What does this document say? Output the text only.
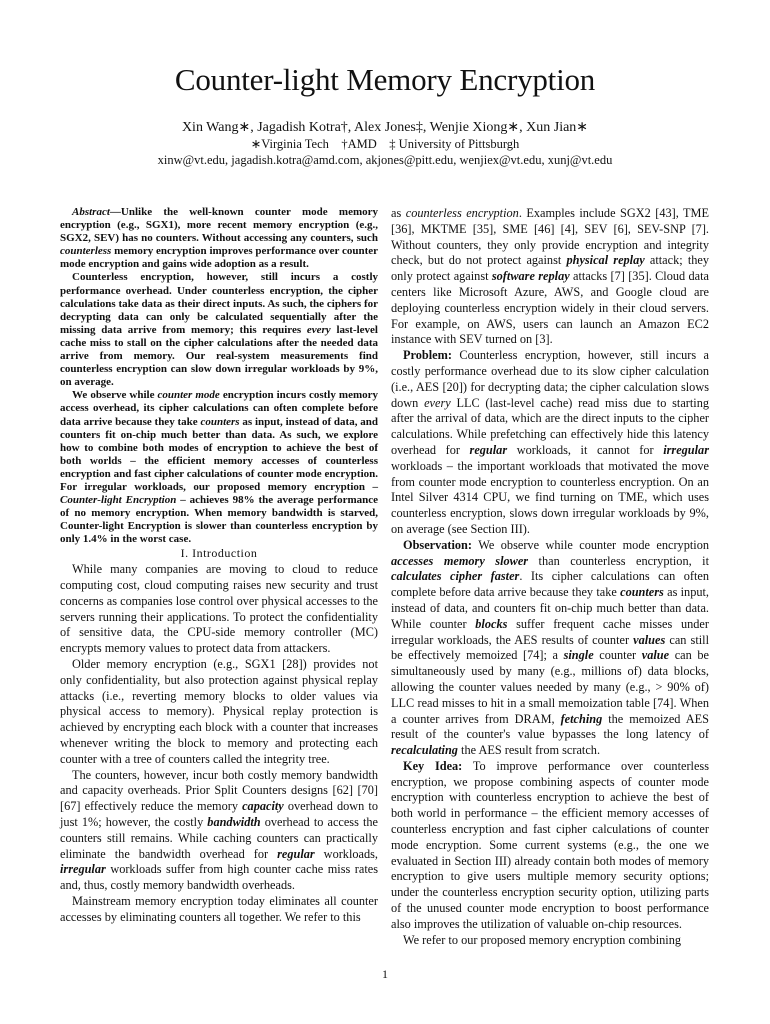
Counter-light Memory Encryption
Xin Wang∗, Jagadish Kotra†, Alex Jones‡, Wenjie Xiong∗, Xun Jian∗
∗Virginia Tech    †AMD    ‡ University of Pittsburgh
xinw@vt.edu, jagadish.kotra@amd.com, akjones@pitt.edu, wenjiex@vt.edu, xunj@vt.edu

Abstract—Unlike the well-known counter mode memory encryption (e.g., SGX1), more recent memory encryption (e.g., SGX2, SEV) has no counters. Without accessing any counters, such counterless memory encryption improves performance over counter mode encryption and gains wide adoption as a result.

Counterless encryption, however, still incurs a costly performance overhead. Under counterless encryption, the cipher calculations take data as their direct inputs. As such, the ciphers for decrypting data can only be calculated sequentially after the missing data arrive from memory; this requires every last-level cache miss to stall on the cipher calculations after the needed data arrive from memory. Our real-system measurements find counterless encryption can slow down irregular workloads by 9%, on average.

We observe while counter mode encryption incurs costly memory access overhead, its cipher calculations can often complete before data arrive because they take counters as input, instead of data, and counters fit on-chip much better than data. As such, we explore how to combine both modes of encryption to achieve the best of both worlds – the efficient memory accesses of counterless encryption and fast cipher calculations of counter mode encryption. For irregular workloads, our proposed memory encryption – Counter-light Encryption – achieves 98% the average performance of no memory encryption. When memory bandwidth is starved, Counter-light Encryption is slower than counterless encryption by only 1.4% in the worst case.

I. Introduction

While many companies are moving to cloud to reduce computing cost, cloud computing raises new security and trust concerns as companies lose control over physical accesses to the servers running their applications. To protect the confidentiality of sensitive data, the CPU-side memory controller (MC) encrypts memory values to protect data from attackers.

Older memory encryption (e.g., SGX1 [28]) provides not only confidentiality, but also protection against physical replay attacks (i.e., reverting memory blocks to older values via physical access to memory). Physical replay protection is achieved by encrypting each block with a counter that increases whenever writing the block to memory and protecting each counter with a tree of counters called the integrity tree.

The counters, however, incur both costly memory bandwidth and capacity overheads. Prior Split Counters designs [62] [70] [67] effectively reduce the memory capacity overhead down to just 1%; however, the costly bandwidth overhead to access the counters still remains. While caching counters can practically eliminate the bandwidth overhead for regular workloads, irregular workloads suffer from high counter cache miss rates and, thus, costly memory bandwidth overheads.

Mainstream memory encryption today eliminates all counter accesses by eliminating counters all together. We refer to this

as counterless encryption. Examples include SGX2 [43], TME [36], MKTME [35], SME [46] [4], SEV [6], SEV-SNP [7]. Without counters, they only provide encryption and integrity check, but do not protect against physical replay attack; they only protect against software replay attacks [7] [35]. Cloud data centers like Microsoft Azure, AWS, and Google cloud are deploying counterless encryption widely in their cloud servers. For example, on AWS, users can launch an Amazon EC2 instance with SEV turned on [3].

Problem: Counterless encryption, however, still incurs a costly performance overhead due to its slow cipher calculation (i.e., AES [20]) for decrypting data; the cipher calculation slows down every LLC (last-level cache) read miss due to starting after the arrival of data, which are the direct inputs to the cipher calculations. While prefetching can effectively hide this latency overhead for regular workloads, it cannot for irregular workloads – the important workloads that motivated the move from counter mode encryption to counterless encryption. On an Intel Silver 4314 CPU, we find turning on TME, which uses counterless encryption, slows down irregular workloads by 9%, on average (see Section III).

Observation: We observe while counter mode encryption accesses memory slower than counterless encryption, it calculates cipher faster. Its cipher calculations can often complete before data arrive because they take counters as input, instead of data, and counters fit on-chip much better than data. While counter blocks suffer frequent cache misses under irregular workloads, the AES results of counter values can still be effectively memoized [74]; a single counter value can be simultaneously used by many (e.g., millions of) data blocks, allowing the counter values needed by many (e.g., > 90% of) LLC read misses to hit in a small memoization table [74]. When a counter arrives from DRAM, fetching the memoized AES result of the counter's value bypasses the long latency of recalculating the AES result from scratch.

Key Idea: To improve performance over counterless encryption, we propose combining aspects of counter mode encryption with counterless encryption to achieve the best of both world in performance – the efficient memory accesses of counterless encryption and fast cipher calculations of counter mode encryption. Some current systems (e.g., the one we evaluated in Section III) already contain both modes of memory encryption to give users multiple memory security options; under the counterless encryption security option, utilizing parts of the unused counter mode encryption to boost performance also improves the utilization of valuable on-chip resources.

We refer to our proposed memory encryption combining

1
